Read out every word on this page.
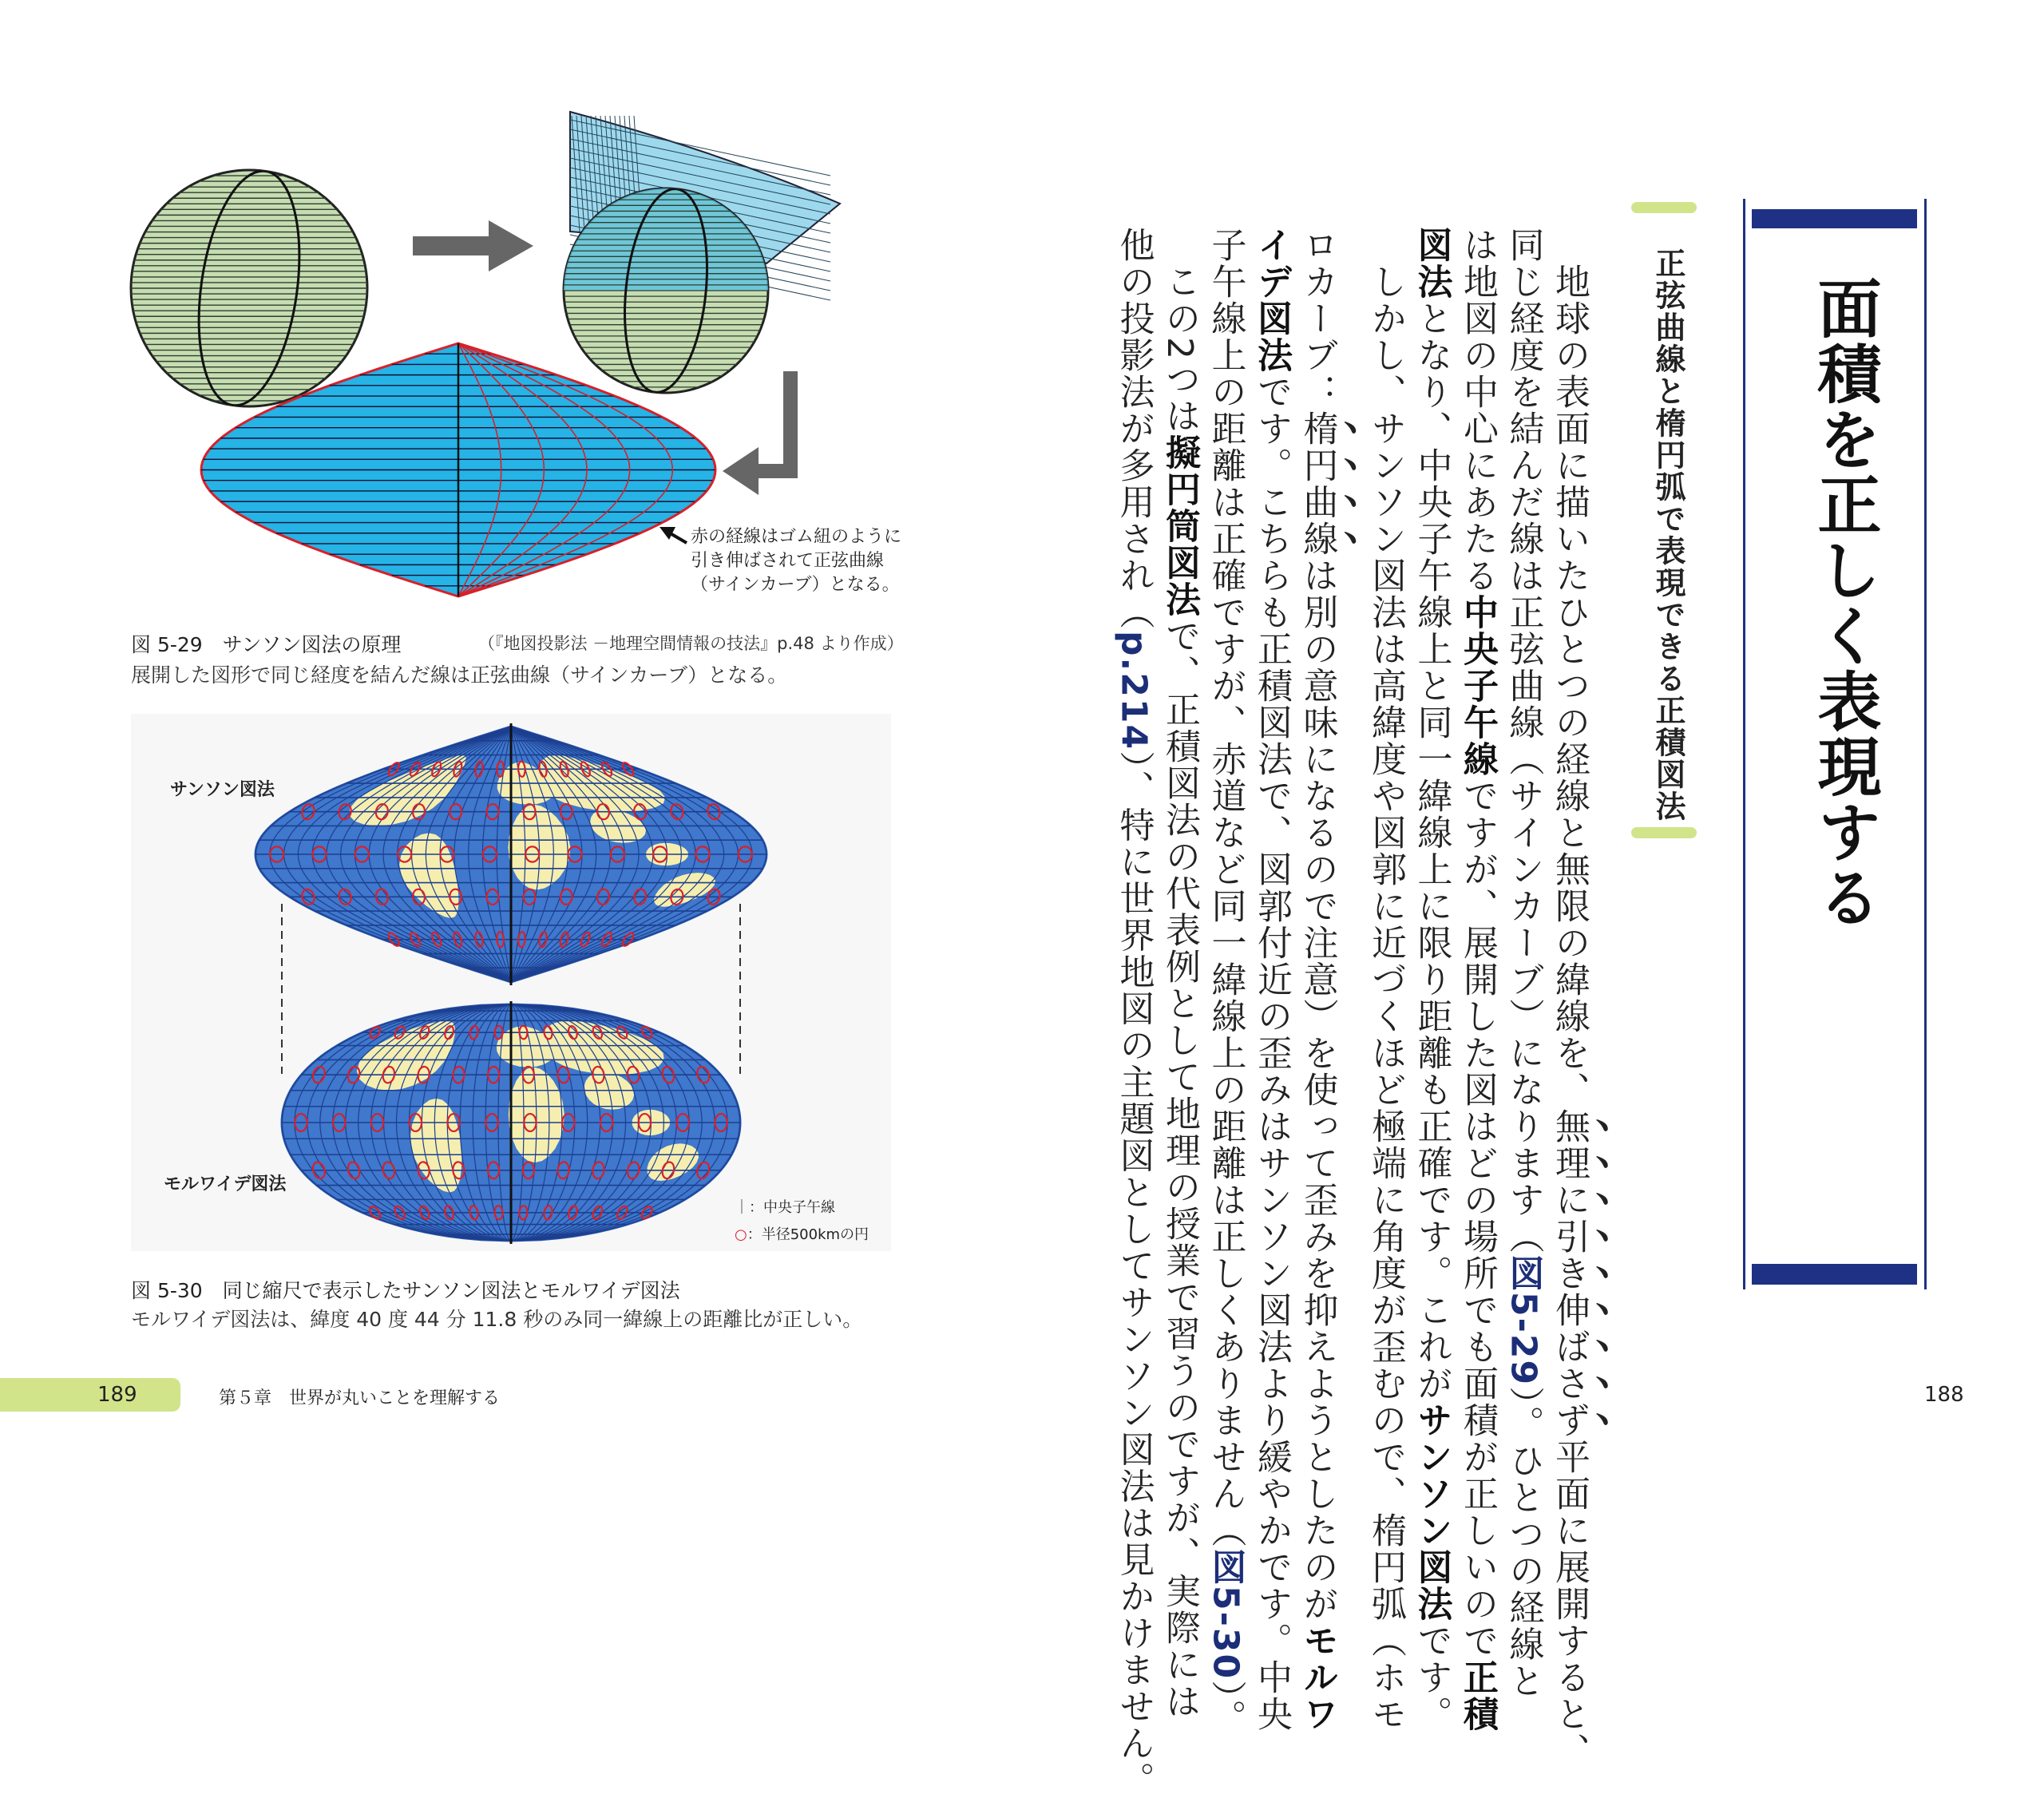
赤の経線はゴム紐のように
引き伸ばされて正弦曲線
（サインカーブ）となる。
図 5-29　サンソン図法の原理	（『地図投影法 －地理空間情報の技法』p.48 より作成）
展開した図形で同じ経度を結んだ線は正弦曲線（サインカーブ）となる。
サンソン図法
モルワイデ図法
｜：中央子午線
○：半径500kmの円
図 5-30　同じ縮尺で表示したサンソン図法とモルワイデ図法
モルワイデ図法は、緯度 40 度 44 分 11.8 秒のみ同一緯線上の距離比が正しい。
189	第５章　世界が丸いことを理解する
面積を正しく表現する
正弦曲線と楕円弧で表現できる正積図法
　地球の表面に描いたひとつの経線と無限の緯線を、無理に引き伸ばさず平面に展開すると、
同じ経度を結んだ線は正弦曲線（サインカーブ）になります（図5-29）。ひとつの経線と
は地図の中心にあたる中央子午線ですが、展開した図はどの場所でも面積が正しいので正積
図法となり、中央子午線上と同一緯線上に限り距離も正確です。これがサンソン図法です。
　しかし、サンソン図法は高緯度や図郭に近づくほど極端に角度が歪むので、楕円弧（ホモ
ロカーブ：楕円曲線は別の意味になるので注意）を使って歪みを抑えようとしたのがモルワ
イデ図法です。こちらも正積図法で、図郭付近の歪みはサンソン図法より緩やかです。中央
子午線上の距離は正確ですが、赤道など同一緯線上の距離は正しくありません（図5-30）。
　この2つは擬円筒図法で、正積図法の代表例として地理の授業で習うのですが、実際には
他の投影法が多用され（p.214）、特に世界地図の主題図としてサンソン図法は見かけません。	188
